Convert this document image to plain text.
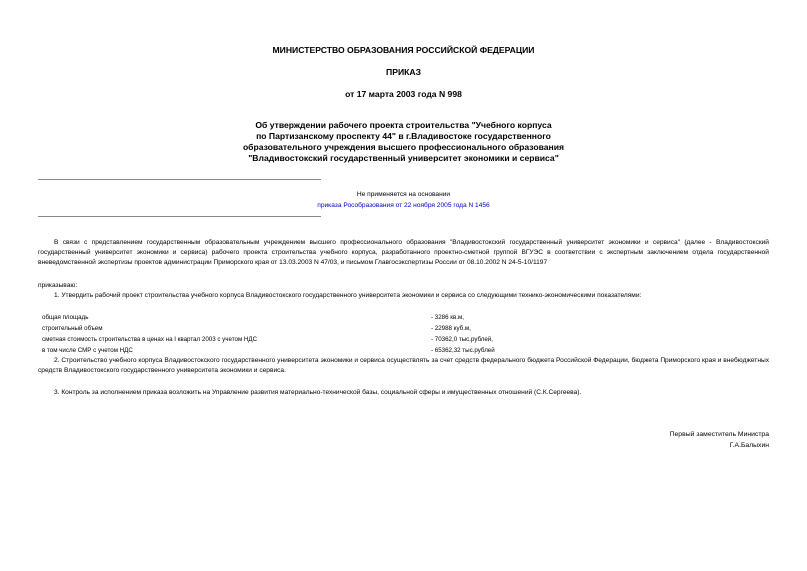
МИНИСТЕРСТВО ОБРАЗОВАНИЯ РОССИЙСКОЙ ФЕДЕРАЦИИ
ПРИКАЗ
от 17 марта 2003 года N 998
Об утверждении рабочего проекта строительства "Учебного корпуса
по Партизанскому проспекту 44" в г.Владивостоке государственного
образовательного учреждения высшего профессионального образования
"Владивостокский государственный университет экономики и сервиса"
Не применяется на основании
приказа Рособразования от 22 ноября 2005 года N 1456
В связи с представлением государственным образовательным учреждением высшего профессионального образования "Владивостокский государственный университет экономики и сервиса" (далее - Владивостокский государственный университет экономики и сервиса) рабочего проекта строительства учебного корпуса, разработанного проектно-сметной группой ВГУЭС в соответствии с экспертным заключением отдела государственной вневедомственной экспертизы проектов администрации Приморского края от 13.03.2003 N 47/03, и письмом Главгосэкспертизы России от 08.10.2002 N 24-5-10/1197
приказываю:
1. Утвердить рабочий проект строительства учебного корпуса Владивостокского государственного университета экономики и сервиса со следующими технико-экономическими показателями:
общая площадь	- 3286 кв.м,
строительный объем	- 22988 куб.м,
сметная стоимость строительства в ценах на I квартал 2003 с учетом НДС	- 70362,0 тыс.рублей,
в том числе СМР с учетом НДС	- 65362,32 тыс.рублей
2. Строительство учебного корпуса Владивостокского государственного университета экономики и сервиса осуществлять за счет средств федерального бюджета Российской Федерации, бюджета Приморского края и внебюджетных средств Владивостокского государственного университета экономики и сервиса.
3. Контроль за исполнением приказа возложить на Управление развития материально-технической базы, социальной сферы и имущественных отношений (С.К.Сергеева).
Первый заместитель Министра
Г.А.Балыхин
